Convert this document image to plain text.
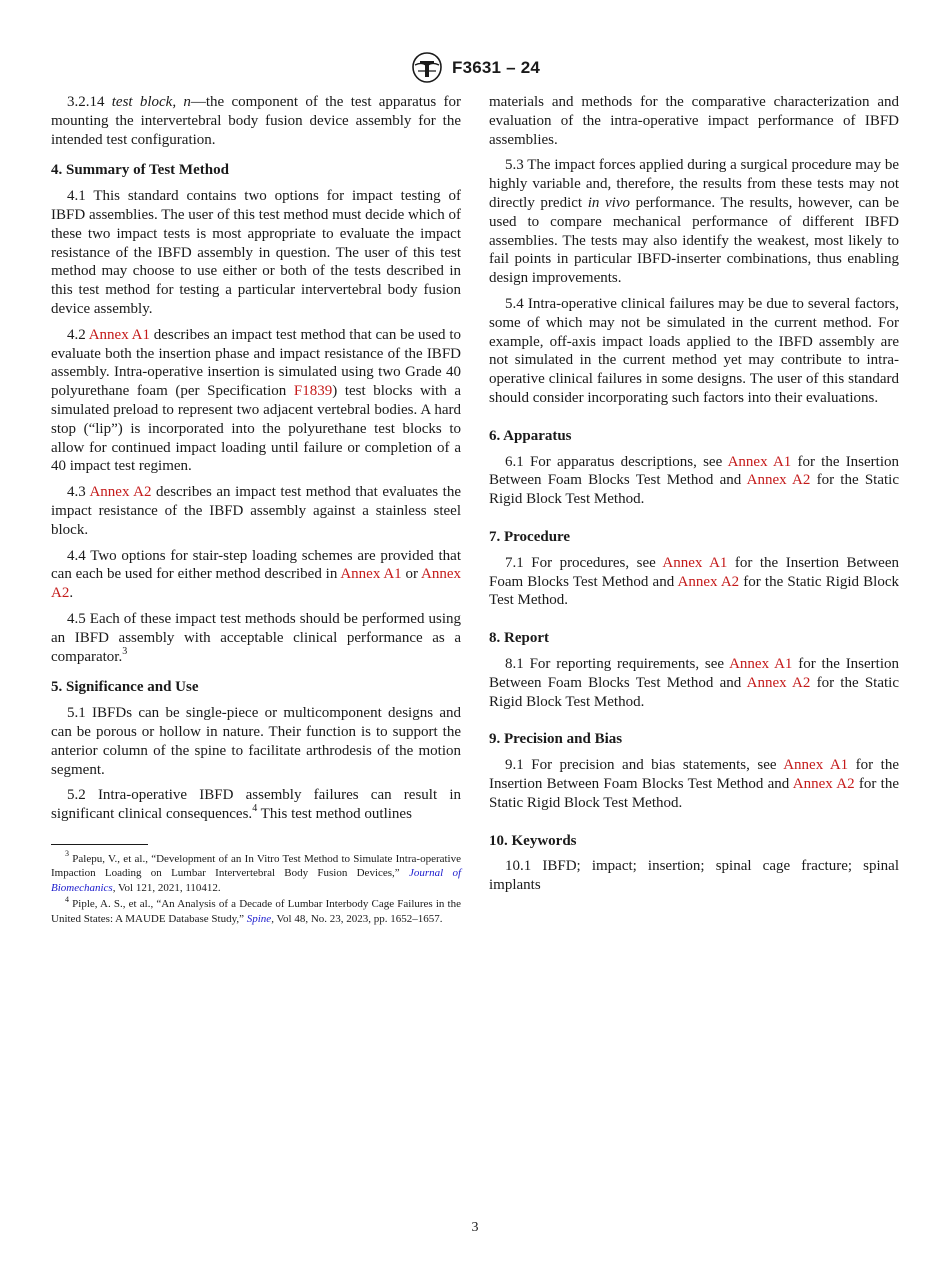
F3631 – 24

3.2.14 test block, n—the component of the test apparatus for mounting the intervertebral body fusion device assembly for the intended test configuration.

4. Summary of Test Method

4.1 This standard contains two options for impact testing of IBFD assemblies. The user of this test method must decide which of these two impact tests is most appropriate to evaluate the impact resistance of the IBFD assembly in question. The user of this test method may choose to use either or both of the tests described in this test method for testing a particular intervertebral body fusion device assembly.

4.2 Annex A1 describes an impact test method that can be used to evaluate both the insertion phase and impact resistance of the IBFD assembly. Intra-operative insertion is simulated using two Grade 40 polyurethane foam (per Specification F1839) test blocks with a simulated preload to represent two adjacent vertebral bodies. A hard stop (“lip”) is incorporated into the polyurethane test blocks to allow for continued impact loading until failure or completion of a 40 impact test regimen.

4.3 Annex A2 describes an impact test method that evaluates the impact resistance of the IBFD assembly against a stainless steel block.

4.4 Two options for stair-step loading schemes are provided that can each be used for either method described in Annex A1 or Annex A2.

4.5 Each of these impact test methods should be performed using an IBFD assembly with acceptable clinical performance as a comparator.$^3$

5. Significance and Use

5.1 IBFDs can be single-piece or multicomponent designs and can be porous or hollow in nature. Their function is to support the anterior column of the spine to facilitate arthrodesis of the motion segment.

5.2 Intra-operative IBFD assembly failures can result in significant clinical consequences.$^4$ This test method outlines

$^3$ Palepu, V., et al., “Development of an In Vitro Test Method to Simulate Intra-operative Impaction Loading on Lumbar Intervertebral Body Fusion Devices,” Journal of Biomechanics, Vol 121, 2021, 110412.

$^4$ Piple, A. S., et al., “An Analysis of a Decade of Lumbar Interbody Cage Failures in the United States: A MAUDE Database Study,” Spine, Vol 48, No. 23, 2023, pp. 1652–1657.

materials and methods for the comparative characterization and evaluation of the intra-operative impact performance of IBFD assemblies.

5.3 The impact forces applied during a surgical procedure may be highly variable and, therefore, the results from these tests may not directly predict in vivo performance. The results, however, can be used to compare mechanical performance of different IBFD assemblies. The tests may also identify the weakest, most likely to fail points in particular IBFD-inserter combinations, thus enabling design improvements.

5.4 Intra-operative clinical failures may be due to several factors, some of which may not be simulated in the current method. For example, off-axis impact loads applied to the IBFD assembly are not simulated in the current method yet may contribute to intra-operative clinical failures in some designs. The user of this standard should consider incorporating such factors into their evaluations.

6. Apparatus

6.1 For apparatus descriptions, see Annex A1 for the Insertion Between Foam Blocks Test Method and Annex A2 for the Static Rigid Block Test Method.

7. Procedure

7.1 For procedures, see Annex A1 for the Insertion Between Foam Blocks Test Method and Annex A2 for the Static Rigid Block Test Method.

8. Report

8.1 For reporting requirements, see Annex A1 for the Insertion Between Foam Blocks Test Method and Annex A2 for the Static Rigid Block Test Method.

9. Precision and Bias

9.1 For precision and bias statements, see Annex A1 for the Insertion Between Foam Blocks Test Method and Annex A2 for the Static Rigid Block Test Method.

10. Keywords

10.1 IBFD; impact; insertion; spinal cage fracture; spinal implants

3
